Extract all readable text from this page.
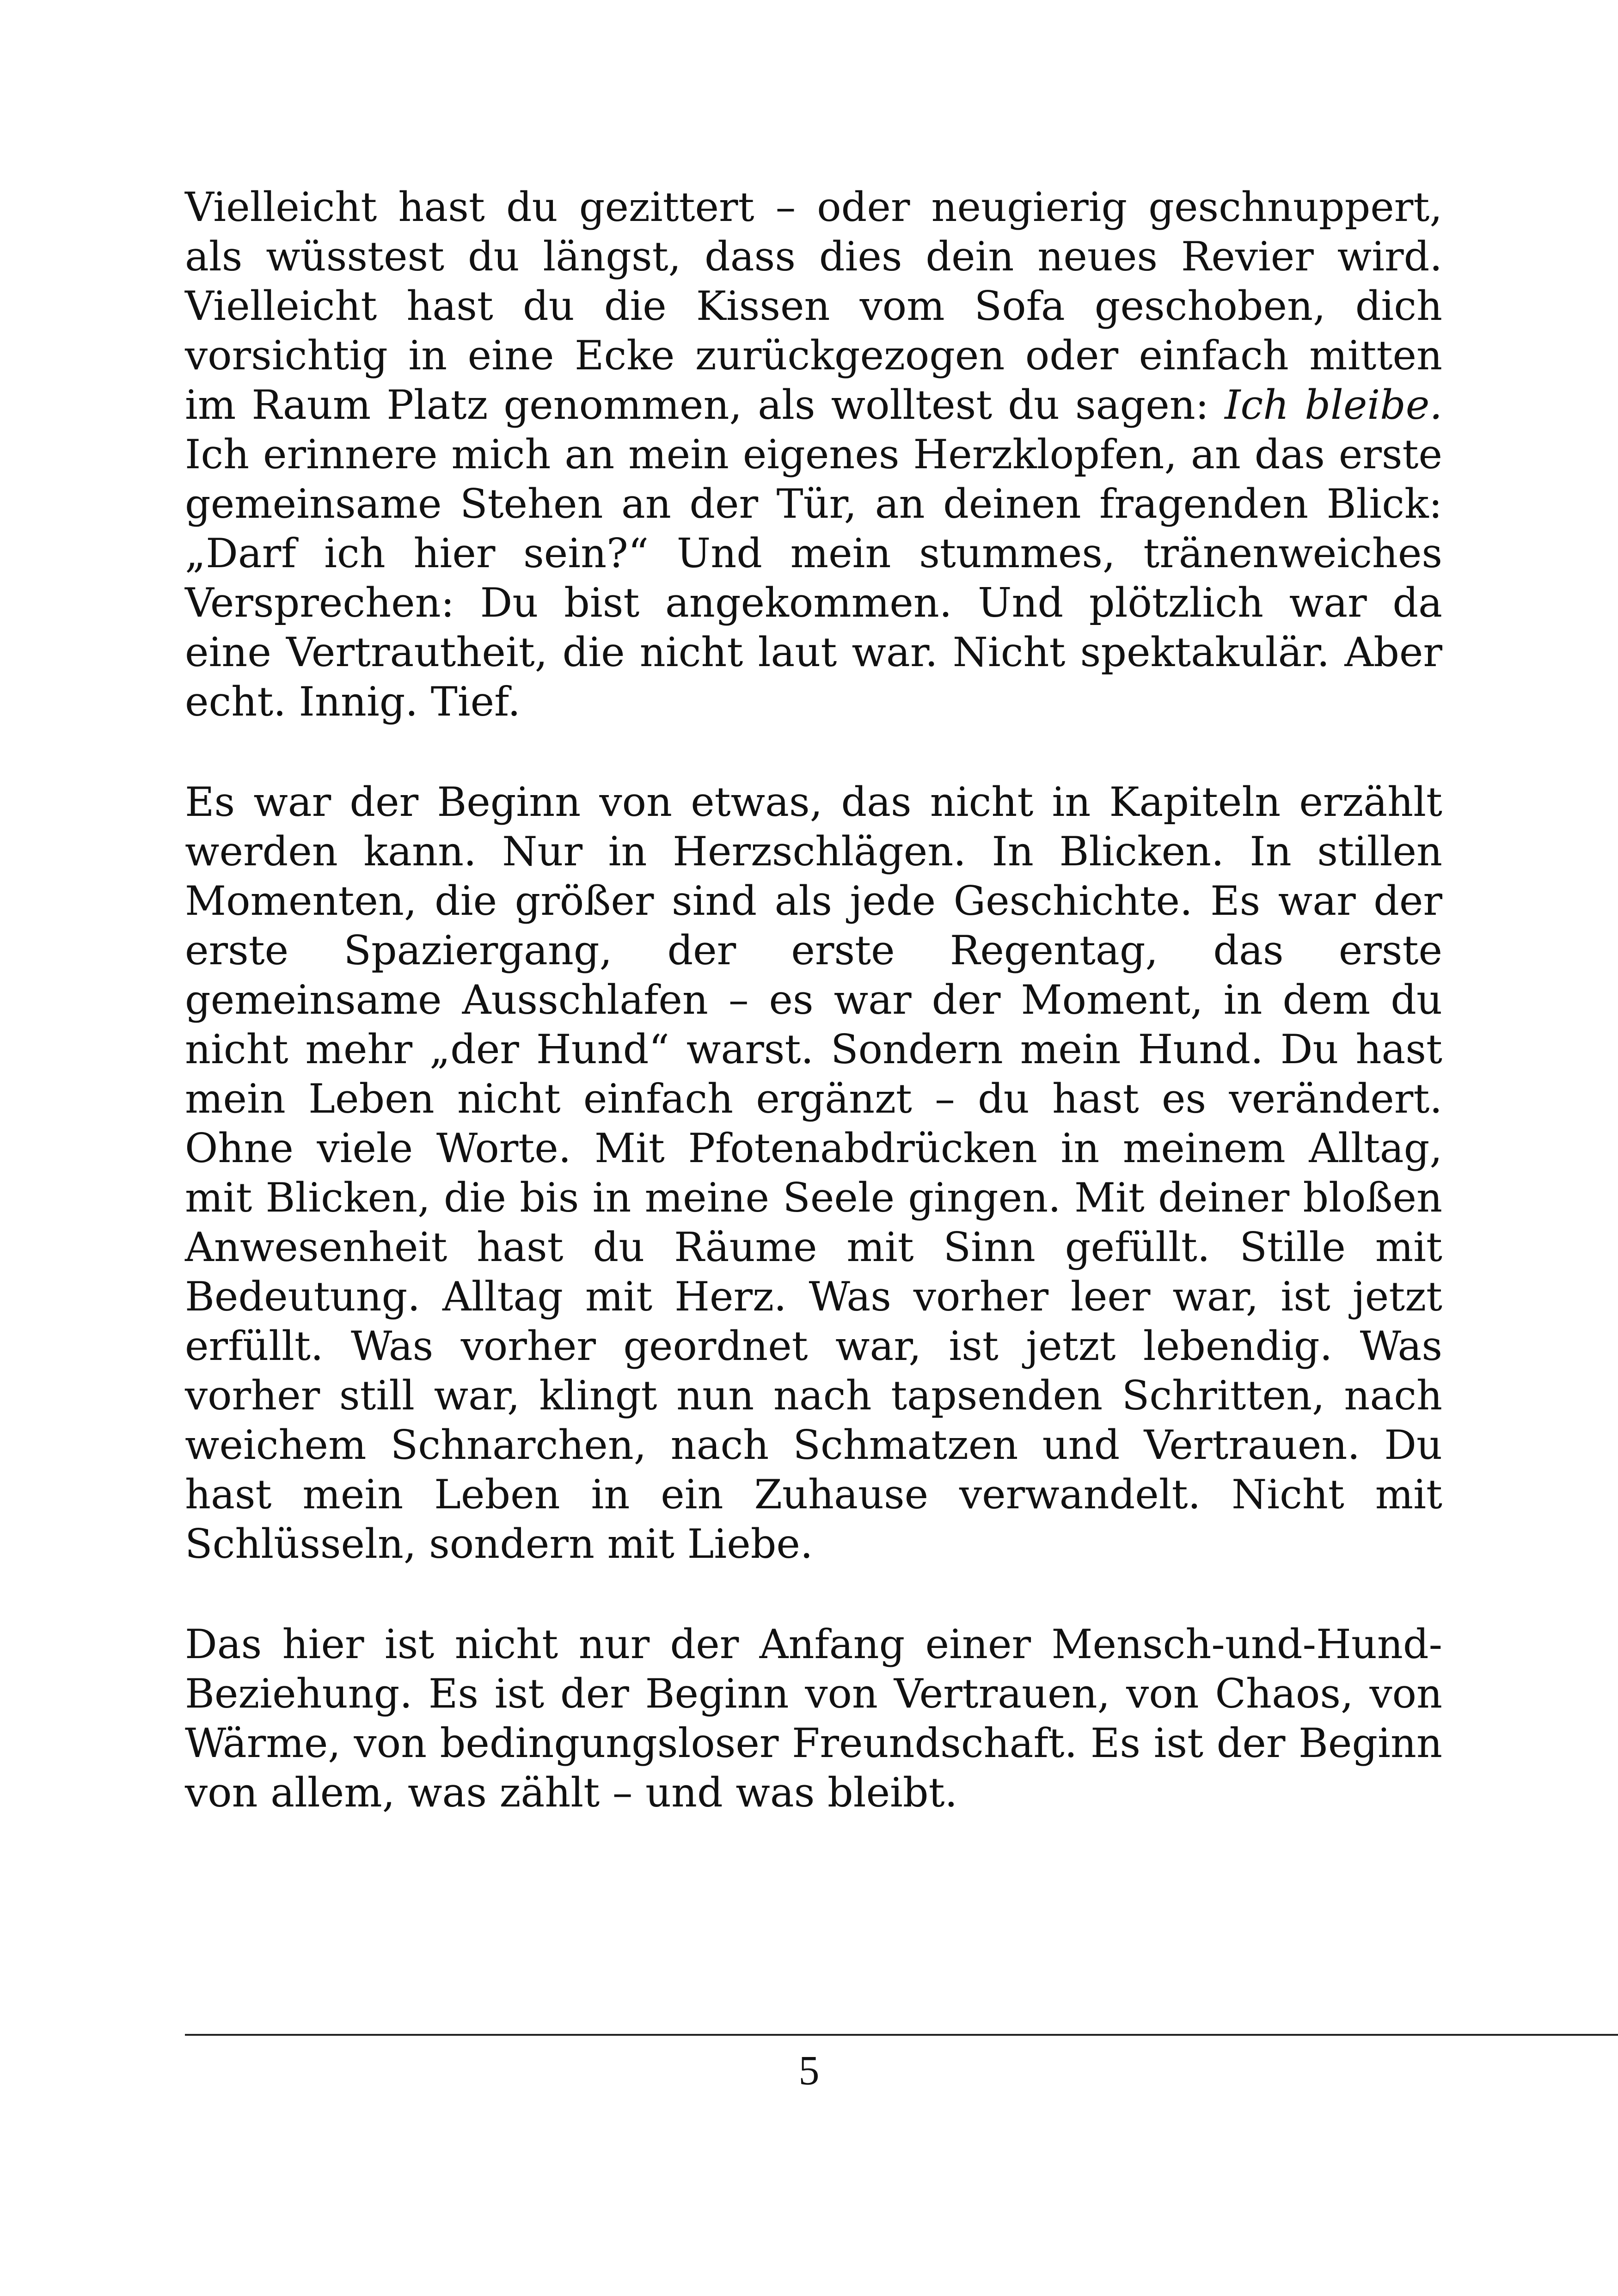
Vielleicht hast du gezittert – oder neugierig geschnuppert, als wüsstest du längst, dass dies dein neues Revier wird. Vielleicht hast du die Kissen vom Sofa geschoben, dich vorsichtig in eine Ecke zurückgezogen oder einfach mitten im Raum Platz genommen, als wolltest du sagen: Ich bleibe. Ich erinnere mich an mein eigenes Herzklopfen, an das erste gemeinsame Stehen an der Tür, an deinen fragenden Blick: „Darf ich hier sein?“ Und mein stummes, tränenweiches Versprechen: Du bist angekommen. Und plötzlich war da eine Vertrautheit, die nicht laut war. Nicht spektakulär. Aber echt. Innig. Tief.

Es war der Beginn von etwas, das nicht in Kapiteln erzählt werden kann. Nur in Herzschlägen. In Blicken. In stillen Momenten, die größer sind als jede Geschichte. Es war der erste Spaziergang, der erste Regentag, das erste gemeinsame Ausschlafen – es war der Moment, in dem du nicht mehr „der Hund“ warst. Sondern mein Hund. Du hast mein Leben nicht einfach ergänzt – du hast es verändert. Ohne viele Worte. Mit Pfotenabdrücken in meinem Alltag, mit Blicken, die bis in meine Seele gingen. Mit deiner bloßen Anwesenheit hast du Räume mit Sinn gefüllt. Stille mit Bedeutung. Alltag mit Herz. Was vorher leer war, ist jetzt erfüllt. Was vorher geordnet war, ist jetzt lebendig. Was vorher still war, klingt nun nach tapsenden Schritten, nach weichem Schnarchen, nach Schmatzen und Vertrauen. Du hast mein Leben in ein Zuhause verwandelt. Nicht mit Schlüsseln, sondern mit Liebe.

Das hier ist nicht nur der Anfang einer Mensch-und-Hund-Beziehung. Es ist der Beginn von Vertrauen, von Chaos, von Wärme, von bedingungsloser Freundschaft. Es ist der Beginn von allem, was zählt – und was bleibt.

5
